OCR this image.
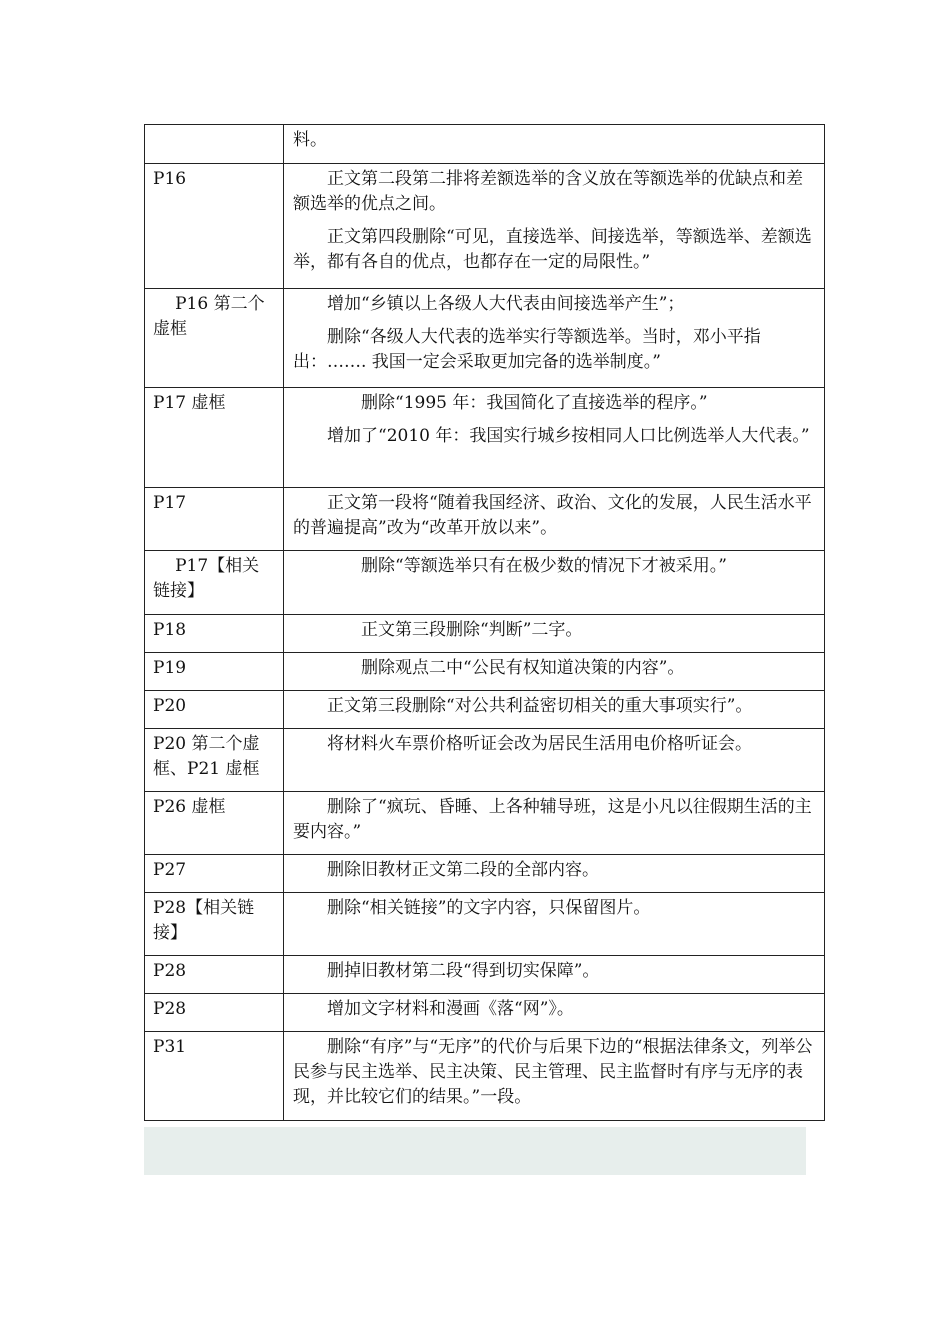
	料。

P16	正文第二段第二排将差额选举的含义放在等额选举的优缺点和差额选举的优点之间。

正文第四段删除“可见，直接选举、间接选举，等额选举、差额选举，都有各自的优点，也都存在一定的局限性。”

P16 第二个虚框	增加“乡镇以上各级人大代表由间接选举产生”；

删除“各级人大代表的选举实行等额选举。当时，邓小平指出：……. 我国一定会采取更加完备的选举制度。”

P17 虚框	删除“1995 年：我国简化了直接选举的程序。”

增加了“2010 年：我国实行城乡按相同人口比例选举人大代表。”

P17	正文第一段将“随着我国经济、政治、文化的发展，人民生活水平的普遍提高”改为“改革开放以来”。

P17【相关链接】	删除“等额选举只有在极少数的情况下才被采用。”

P18	正文第三段删除“判断”二字。

P19	删除观点二中“公民有权知道决策的内容”。

P20	正文第三段删除“对公共利益密切相关的重大事项实行”。

P20 第二个虚框、P21 虚框	将材料火车票价格听证会改为居民生活用电价格听证会。

P26 虚框	删除了“疯玩、昏睡、上各种辅导班，这是小凡以往假期生活的主要内容。”

P27	删除旧教材正文第二段的全部内容。

P28【相关链接】	删除“相关链接”的文字内容，只保留图片。

P28	删掉旧教材第二段“得到切实保障”。

P28	增加文字材料和漫画《落“网”》。

P31	删除“有序”与“无序”的代价与后果下边的“根据法律条文，列举公民参与民主选举、民主决策、民主管理、民主监督时有序与无序的表现，并比较它们的结果。”一段。
